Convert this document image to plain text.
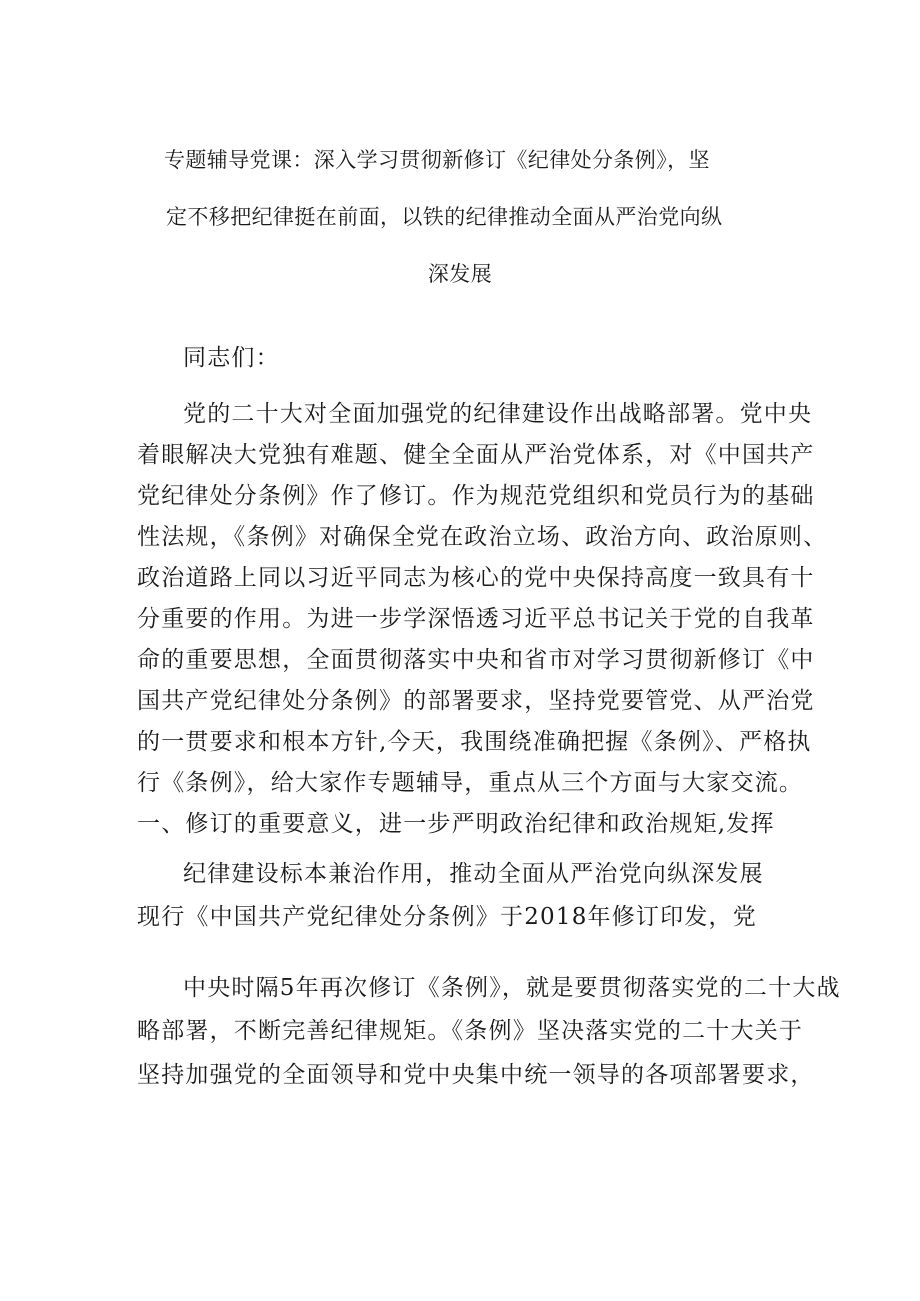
专题辅导党课：深入学习贯彻新修订《纪律处分条例》，坚
定不移把纪律挺在前面，以铁的纪律推动全面从严治党向纵
深发展
同志们：
党的二十大对全面加强党的纪律建设作出战略部署。党中央
着眼解决大党独有难题、健全全面从严治党体系，对《中国共产
党纪律处分条例》作了修订。作为规范党组织和党员行为的基础
性法规，《条例》对确保全党在政治立场、政治方向、政治原则、
政治道路上同以习近平同志为核心的党中央保持高度一致具有十
分重要的作用。为进一步学深悟透习近平总书记关于党的自我革
命的重要思想，全面贯彻落实中央和省市对学习贯彻新修订《中
国共产党纪律处分条例》的部署要求，坚持党要管党、从严治党
的一贯要求和根本方针,今天，我围绕准确把握《条例》、严格执
行《条例》，给大家作专题辅导，重点从三个方面与大家交流。
一、修订的重要意义，进一步严明政治纪律和政治规矩,发挥
纪律建设标本兼治作用，推动全面从严治党向纵深发展
现行《中国共产党纪律处分条例》于2018年修订印发，党
中央时隔5年再次修订《条例》，就是要贯彻落实党的二十大战
略部署，不断完善纪律规矩。《条例》坚决落实党的二十大关于
坚持加强党的全面领导和党中央集中统一领导的各项部署要求，
